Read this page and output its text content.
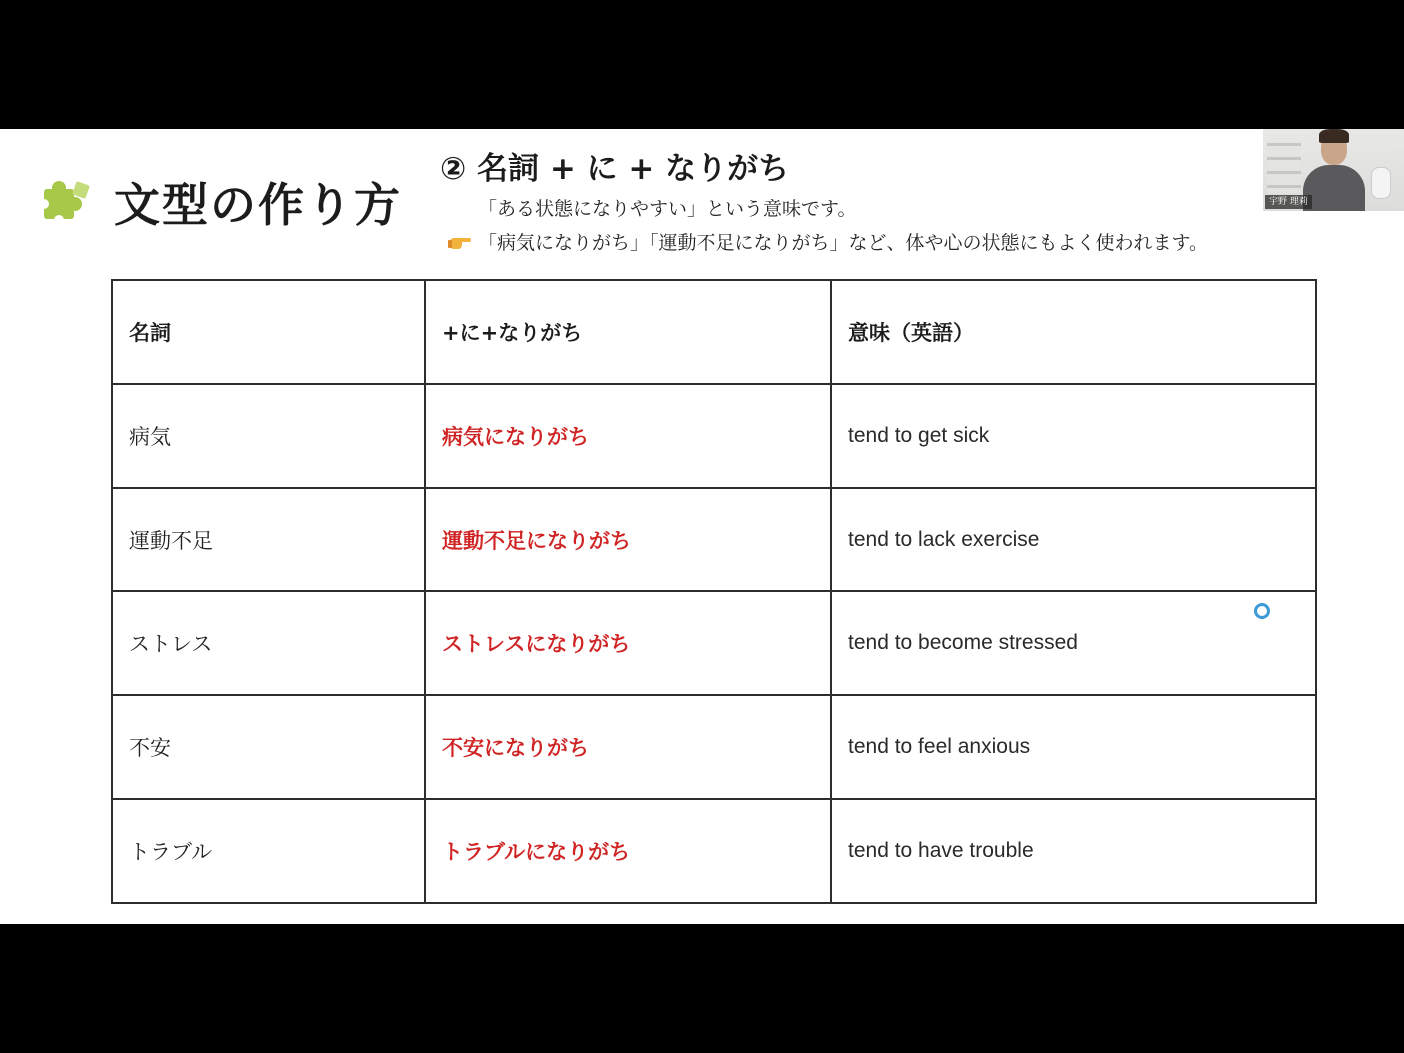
文型の作り方
② 名詞 + に + なりがち
「ある状態になりやすい」という意味です。
「病気になりがち」「運動不足になりがち」など、体や心の状態にもよく使われます。
宇野 理莉
名詞	+に+なりがち	意味（英語）
病気	病気になりがち	tend to get sick
運動不足	運動不足になりがち	tend to lack exercise
ストレス	ストレスになりがち	tend to become stressed
不安	不安になりがち	tend to feel anxious
トラブル	トラブルになりがち	tend to have trouble
